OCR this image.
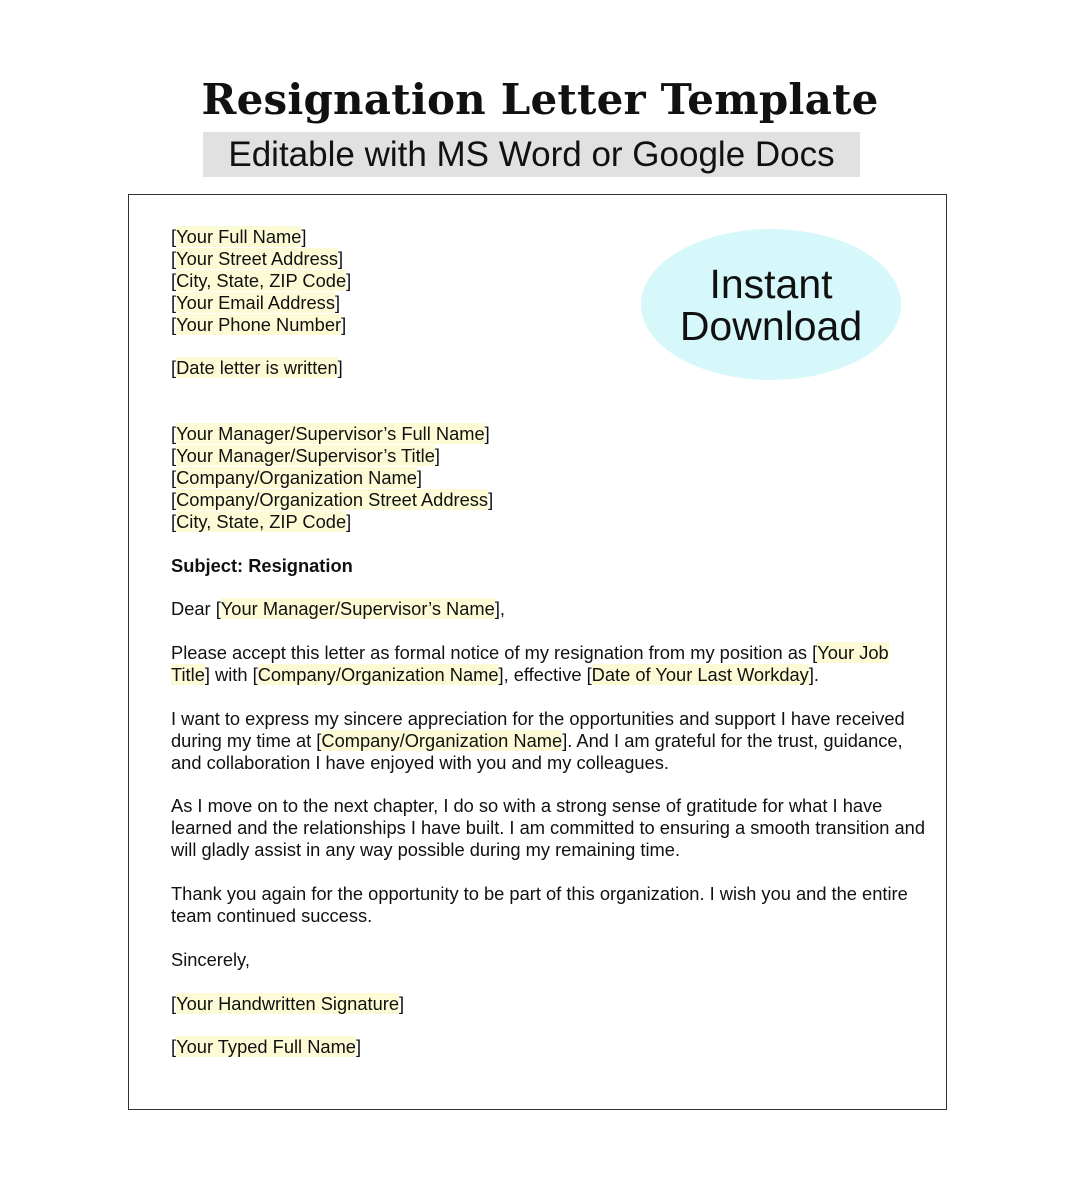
Resignation Letter Template
Editable with MS Word or Google Docs
Instant
Download

[Your Full Name]
[Your Street Address]
[City, State, ZIP Code]
[Your Email Address]
[Your Phone Number]

[Date letter is written]

[Your Manager/Supervisor’s Full Name]
[Your Manager/Supervisor’s Title]
[Company/Organization Name]
[Company/Organization Street Address]
[City, State, ZIP Code]

Subject: Resignation

Dear [Your Manager/Supervisor’s Name],

Please accept this letter as formal notice of my resignation from my position as [Your Job Title] with [Company/Organization Name], effective [Date of Your Last Workday].

I want to express my sincere appreciation for the opportunities and support I have received during my time at [Company/Organization Name]. And I am grateful for the trust, guidance, and collaboration I have enjoyed with you and my colleagues.

As I move on to the next chapter, I do so with a strong sense of gratitude for what I have learned and the relationships I have built. I am committed to ensuring a smooth transition and will gladly assist in any way possible during my remaining time.

Thank you again for the opportunity to be part of this organization. I wish you and the entire team continued success.

Sincerely,

[Your Handwritten Signature]

[Your Typed Full Name]
